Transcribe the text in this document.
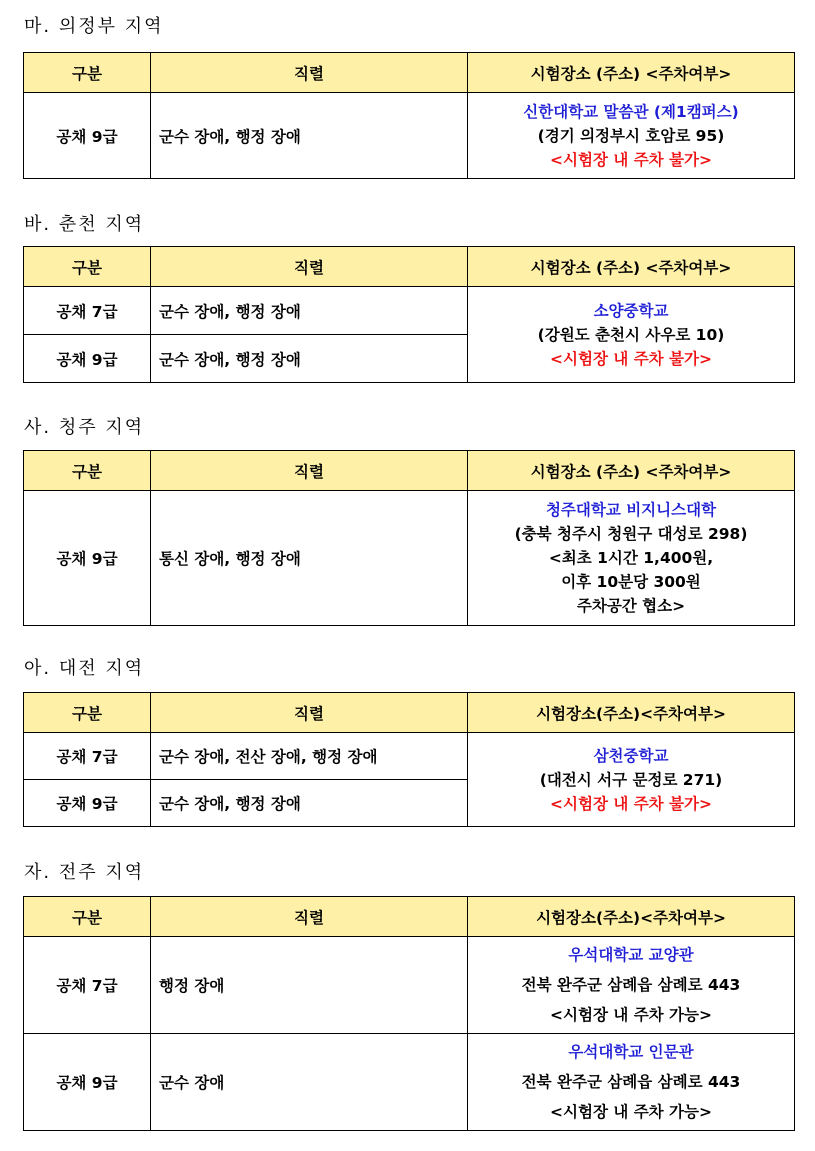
마. 의정부 지역
구분	직렬	시험장소 (주소) <주차여부>
공채 9급	군수 장애, 행정 장애	신한대학교 말씀관 (제1캠퍼스)
(경기 의정부시 호암로 95)
<시험장 내 주차 불가>
바. 춘천 지역
구분	직렬	시험장소 (주소) <주차여부>
공채 7급	군수 장애, 행정 장애	소양중학교
(강원도 춘천시 사우로 10)
<시험장 내 주차 불가>

공채 9급	군수 장애, 행정 장애	
사. 청주 지역
구분	직렬	시험장소 (주소) <주차여부>
공채 9급	통신 장애, 행정 장애	청주대학교 비지니스대학
(충북 청주시 청원구 대성로 298)
<최초 1시간 1,400원,
이후 10분당 300원
주차공간 협소>
아. 대전 지역
구분	직렬	시험장소(주소)<주차여부>
공채 7급	군수 장애, 전산 장애, 행정 장애	삼천중학교
(대전시 서구 문정로 271)
<시험장 내 주차 불가>

공채 9급	군수 장애, 행정 장애	
자. 전주 지역
구분	직렬	시험장소(주소)<주차여부>
공채 7급	행정 장애	우석대학교 교양관
전북 완주군 삼례읍 삼례로 443
<시험장 내 주차 가능>

공채 9급	군수 장애	우석대학교 인문관
전북 완주군 삼례읍 삼례로 443
<시험장 내 주차 가능>
